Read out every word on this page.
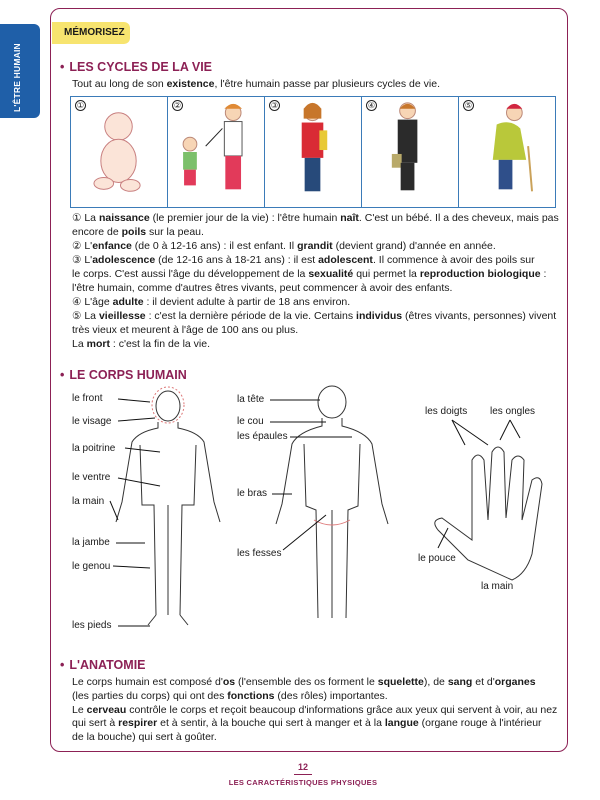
L'ÊTRE HUMAIN
MÉMORISEZ
• LES CYCLES DE LA VIE
Tout au long de son existence, l'être humain passe par plusieurs cycles de vie.
①	②	③	④	⑤
① La naissance (le premier jour de la vie) : l'être humain naît. C'est un bébé. Il a des cheveux, mais pas
encore de poils sur la peau.
② L'enfance (de 0 à 12-16 ans) : il est enfant. Il grandit (devient grand) d'année en année.
③ L'adolescence (de 12-16 ans à 18-21 ans) : il est adolescent. Il commence à avoir des poils sur
le corps. C'est aussi l'âge du développement de la sexualité qui permet la reproduction biologique :
l'être humain, comme d'autres êtres vivants, peut commencer à avoir des enfants.
④ L'âge adulte : il devient adulte à partir de 18 ans environ.
⑤ La vieillesse : c'est la dernière période de la vie. Certains individus (êtres vivants, personnes) vivent
très vieux et meurent à l'âge de 100 ans ou plus.
La mort : c'est la fin de la vie.
• LE CORPS HUMAIN
le front
le visage
la poitrine
le ventre
la main
la jambe
le genou
les pieds
la tête
le cou
les épaules
le bras
les fesses
les doigts les ongles
le pouce
la main
• L'ANATOMIE
Le corps humain est composé d'os (l'ensemble des os forment le squelette), de sang et d'organes
(les parties du corps) qui ont des fonctions (des rôles) importantes.
Le cerveau contrôle le corps et reçoit beaucoup d'informations grâce aux yeux qui servent à voir, au nez
qui sert à respirer et à sentir, à la bouche qui sert à manger et à la langue (organe rouge à l'intérieur
de la bouche) qui sert à goûter.
12
LES CARACTÉRISTIQUES PHYSIQUES
